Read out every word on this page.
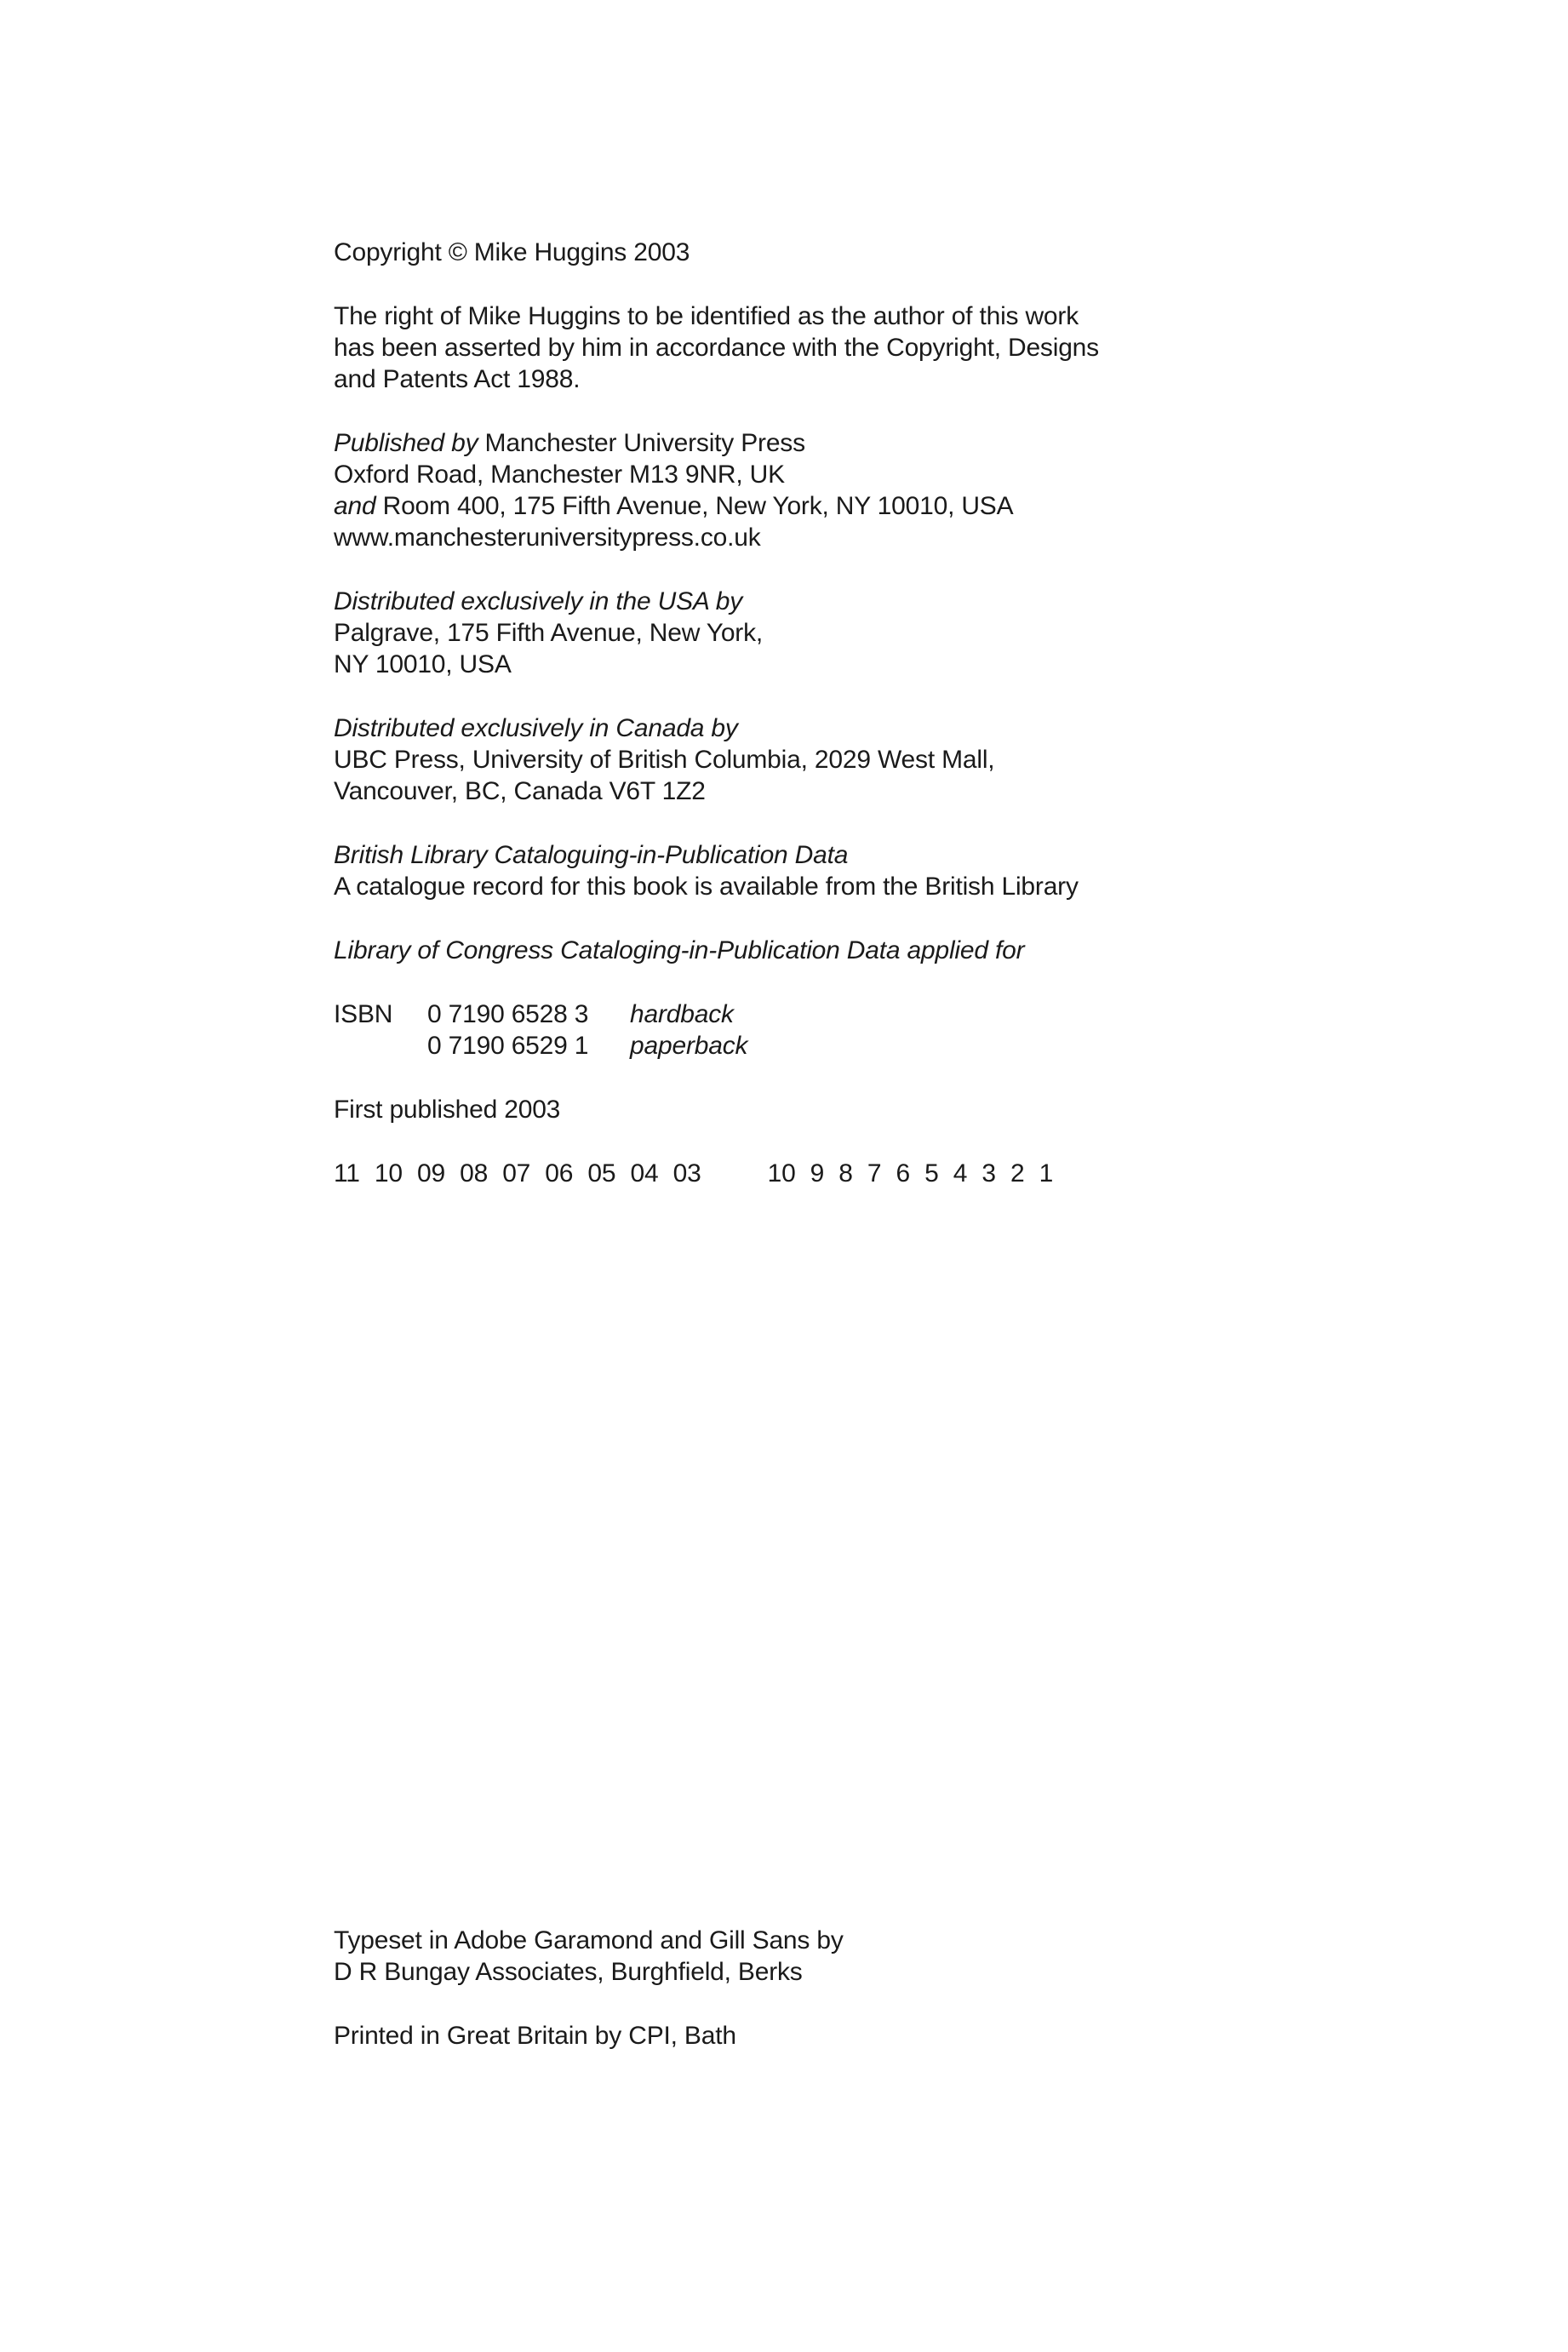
Copyright © Mike Huggins 2003
The right of Mike Huggins to be identified as the author of this work
has been asserted by him in accordance with the Copyright, Designs
and Patents Act 1988.
Published by Manchester University Press
Oxford Road, Manchester M13 9NR, UK
and Room 400, 175 Fifth Avenue, New York, NY 10010, USA
www.manchesteruniversitypress.co.uk
Distributed exclusively in the USA by
Palgrave, 175 Fifth Avenue, New York,
NY 10010, USA
Distributed exclusively in Canada by
UBC Press, University of British Columbia, 2029 West Mall,
Vancouver, BC, Canada V6T 1Z2
British Library Cataloguing-in-Publication Data
A catalogue record for this book is available from the British Library
Library of Congress Cataloging-in-Publication Data applied for
ISBN 0 7190 6528 3 hardback
0 7190 6529 1 paperback
First published 2003
11 10 09 08 07 06 05 04 03	10 9 8 7 6 5 4 3 2 1
Typeset in Adobe Garamond and Gill Sans by
D R Bungay Associates, Burghfield, Berks
Printed in Great Britain by CPI, Bath
